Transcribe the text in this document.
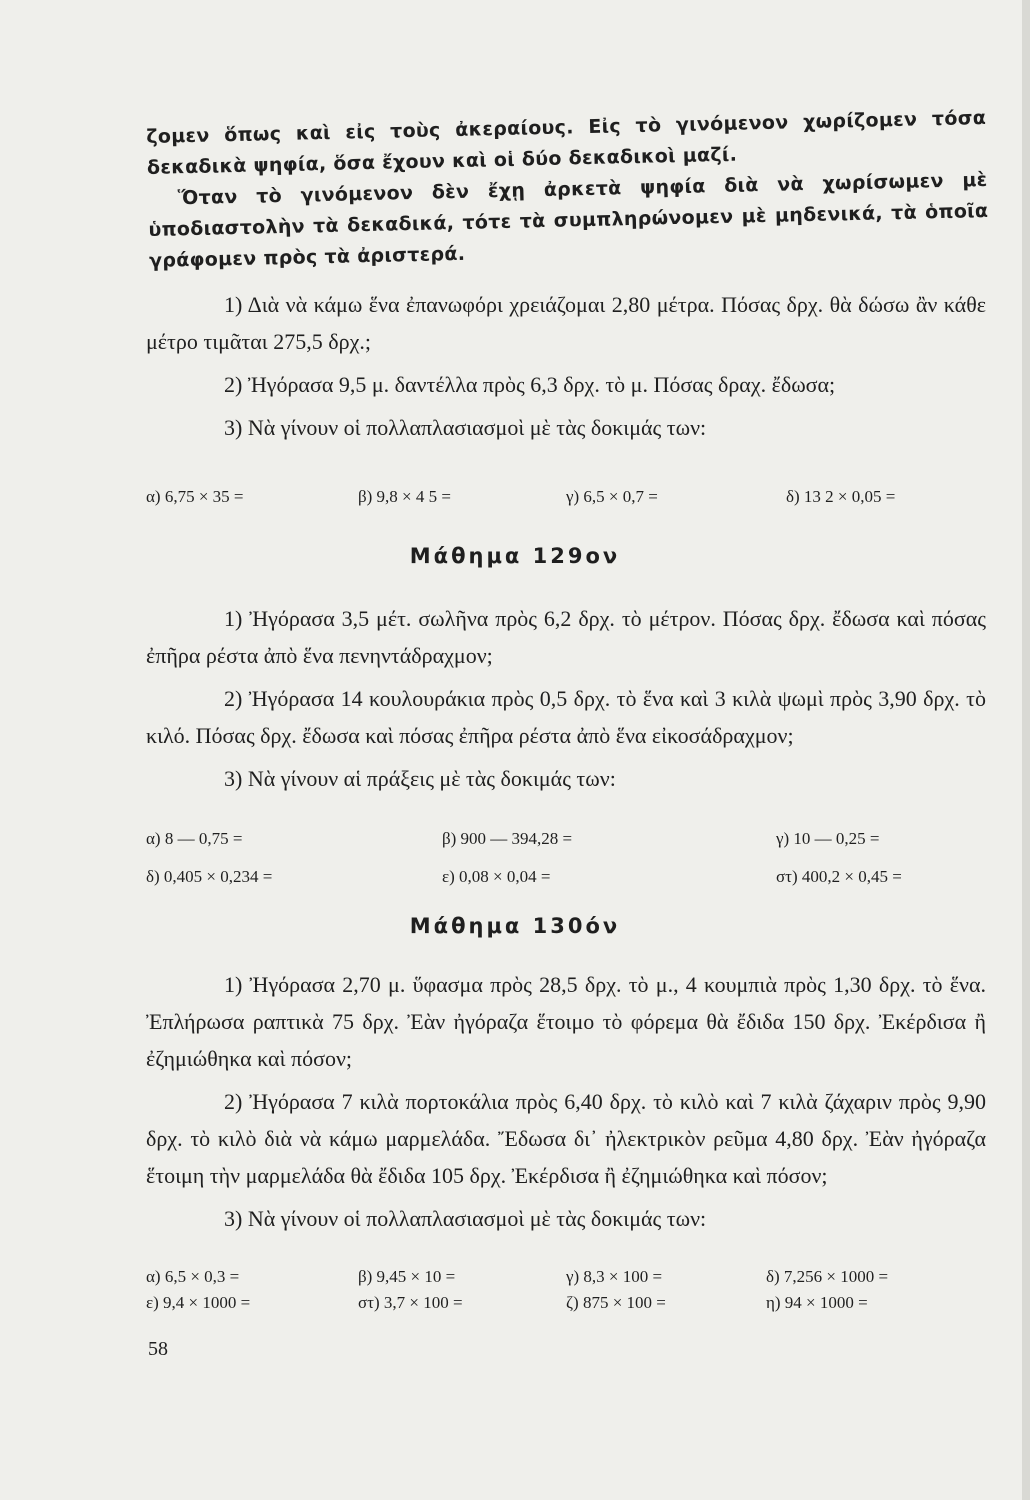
ζομεν ὅπως καὶ εἰς τοὺς ἀκεραίους. Εἰς τὸ γινόμενον χωρίζομεν τόσα δεκαδικὰ ψηφία, ὅσα ἔχουν καὶ οἱ δύο δεκαδικοὶ μαζί.

Ὅταν τὸ γινόμενον δὲν ἔχῃ ἀρκετὰ ψηφία διὰ νὰ χωρίσωμεν μὲ ὑποδιαστολὴν τὰ δεκαδικά, τότε τὰ συμπληρώνομεν μὲ μηδενικά, τὰ ὁποῖα γράφομεν πρὸς τὰ ἀριστερά.

1) Διὰ νὰ κάμω ἕνα ἐπανωφόρι χρειάζομαι 2,80 μέτρα. Πόσας δρχ. θὰ δώσω ἂν κάθε μέτρο τιμᾶται 275,5 δρχ.;

2) Ἠγόρασα 9,5 μ. δαντέλλα πρὸς 6,3 δρχ. τὸ μ. Πόσας δραχ. ἔδωσα;

3) Νὰ γίνουν οἱ πολλαπλασιασμοὶ μὲ τὰς δοκιμάς των:

α) 6,75 × 35 =	β) 9,8 × 4 5 =	γ) 6,5 × 0,7 =	δ) 13 2 × 0,05 =
Μάθημα 129ον

1) Ἠγόρασα 3,5 μέτ. σωλῆνα πρὸς 6,2 δρχ. τὸ μέτρον. Πόσας δρχ. ἔδωσα καὶ πόσας ἐπῆρα ρέστα ἀπὸ ἕνα πενηντάδραχμον;

2) Ἠγόρασα 14 κουλουράκια πρὸς 0,5 δρχ. τὸ ἕνα καὶ 3 κιλὰ ψωμὶ πρὸς 3,90 δρχ. τὸ κιλό. Πόσας δρχ. ἔδωσα καὶ πόσας ἐπῆρα ρέστα ἀπὸ ἕνα εἰκοσάδραχμον;

3) Νὰ γίνουν αἱ πράξεις μὲ τὰς δοκιμάς των:

α) 8 — 0,75 =	β) 900 — 394,28 =	γ) 10 — 0,25 =
δ) 0,405 × 0,234 =	ε) 0,08 × 0,04 =	στ) 400,2 × 0,45 =
Μάθημα 130όν

1) Ἠγόρασα 2,70 μ. ὕφασμα πρὸς 28,5 δρχ. τὸ μ., 4 κουμπιὰ πρὸς 1,30 δρχ. τὸ ἕνα. Ἐπλήρωσα ραπτικὰ 75 δρχ. Ἐὰν ἠγόραζα ἕτοιμο τὸ φόρεμα θὰ ἔδιδα 150 δρχ. Ἐκέρδισα ἢ ἐζημιώθηκα καὶ πόσον;

2) Ἠγόρασα 7 κιλὰ πορτοκάλια πρὸς 6,40 δρχ. τὸ κιλὸ καὶ 7 κιλὰ ζάχαριν πρὸς 9,90 δρχ. τὸ κιλὸ διὰ νὰ κάμω μαρμελάδα. Ἔδωσα δι᾽ ἠλεκτρικὸν ρεῦμα 4,80 δρχ. Ἐὰν ἠγόραζα ἕτοιμη τὴν μαρμελάδα θὰ ἔδιδα 105 δρχ. Ἐκέρδισα ἢ ἐζημιώθηκα καὶ πόσον;

3) Νὰ γίνουν οἱ πολλαπλασιασμοὶ μὲ τὰς δοκιμάς των:

α) 6,5 × 0,3 =	β) 9,45 × 10 =	γ) 8,3 × 100 =	δ) 7,256 × 1000 =
ε) 9,4 × 1000 =	στ) 3,7 × 100 =	ζ) 875 × 100 =	η) 94 × 1000 =
58
